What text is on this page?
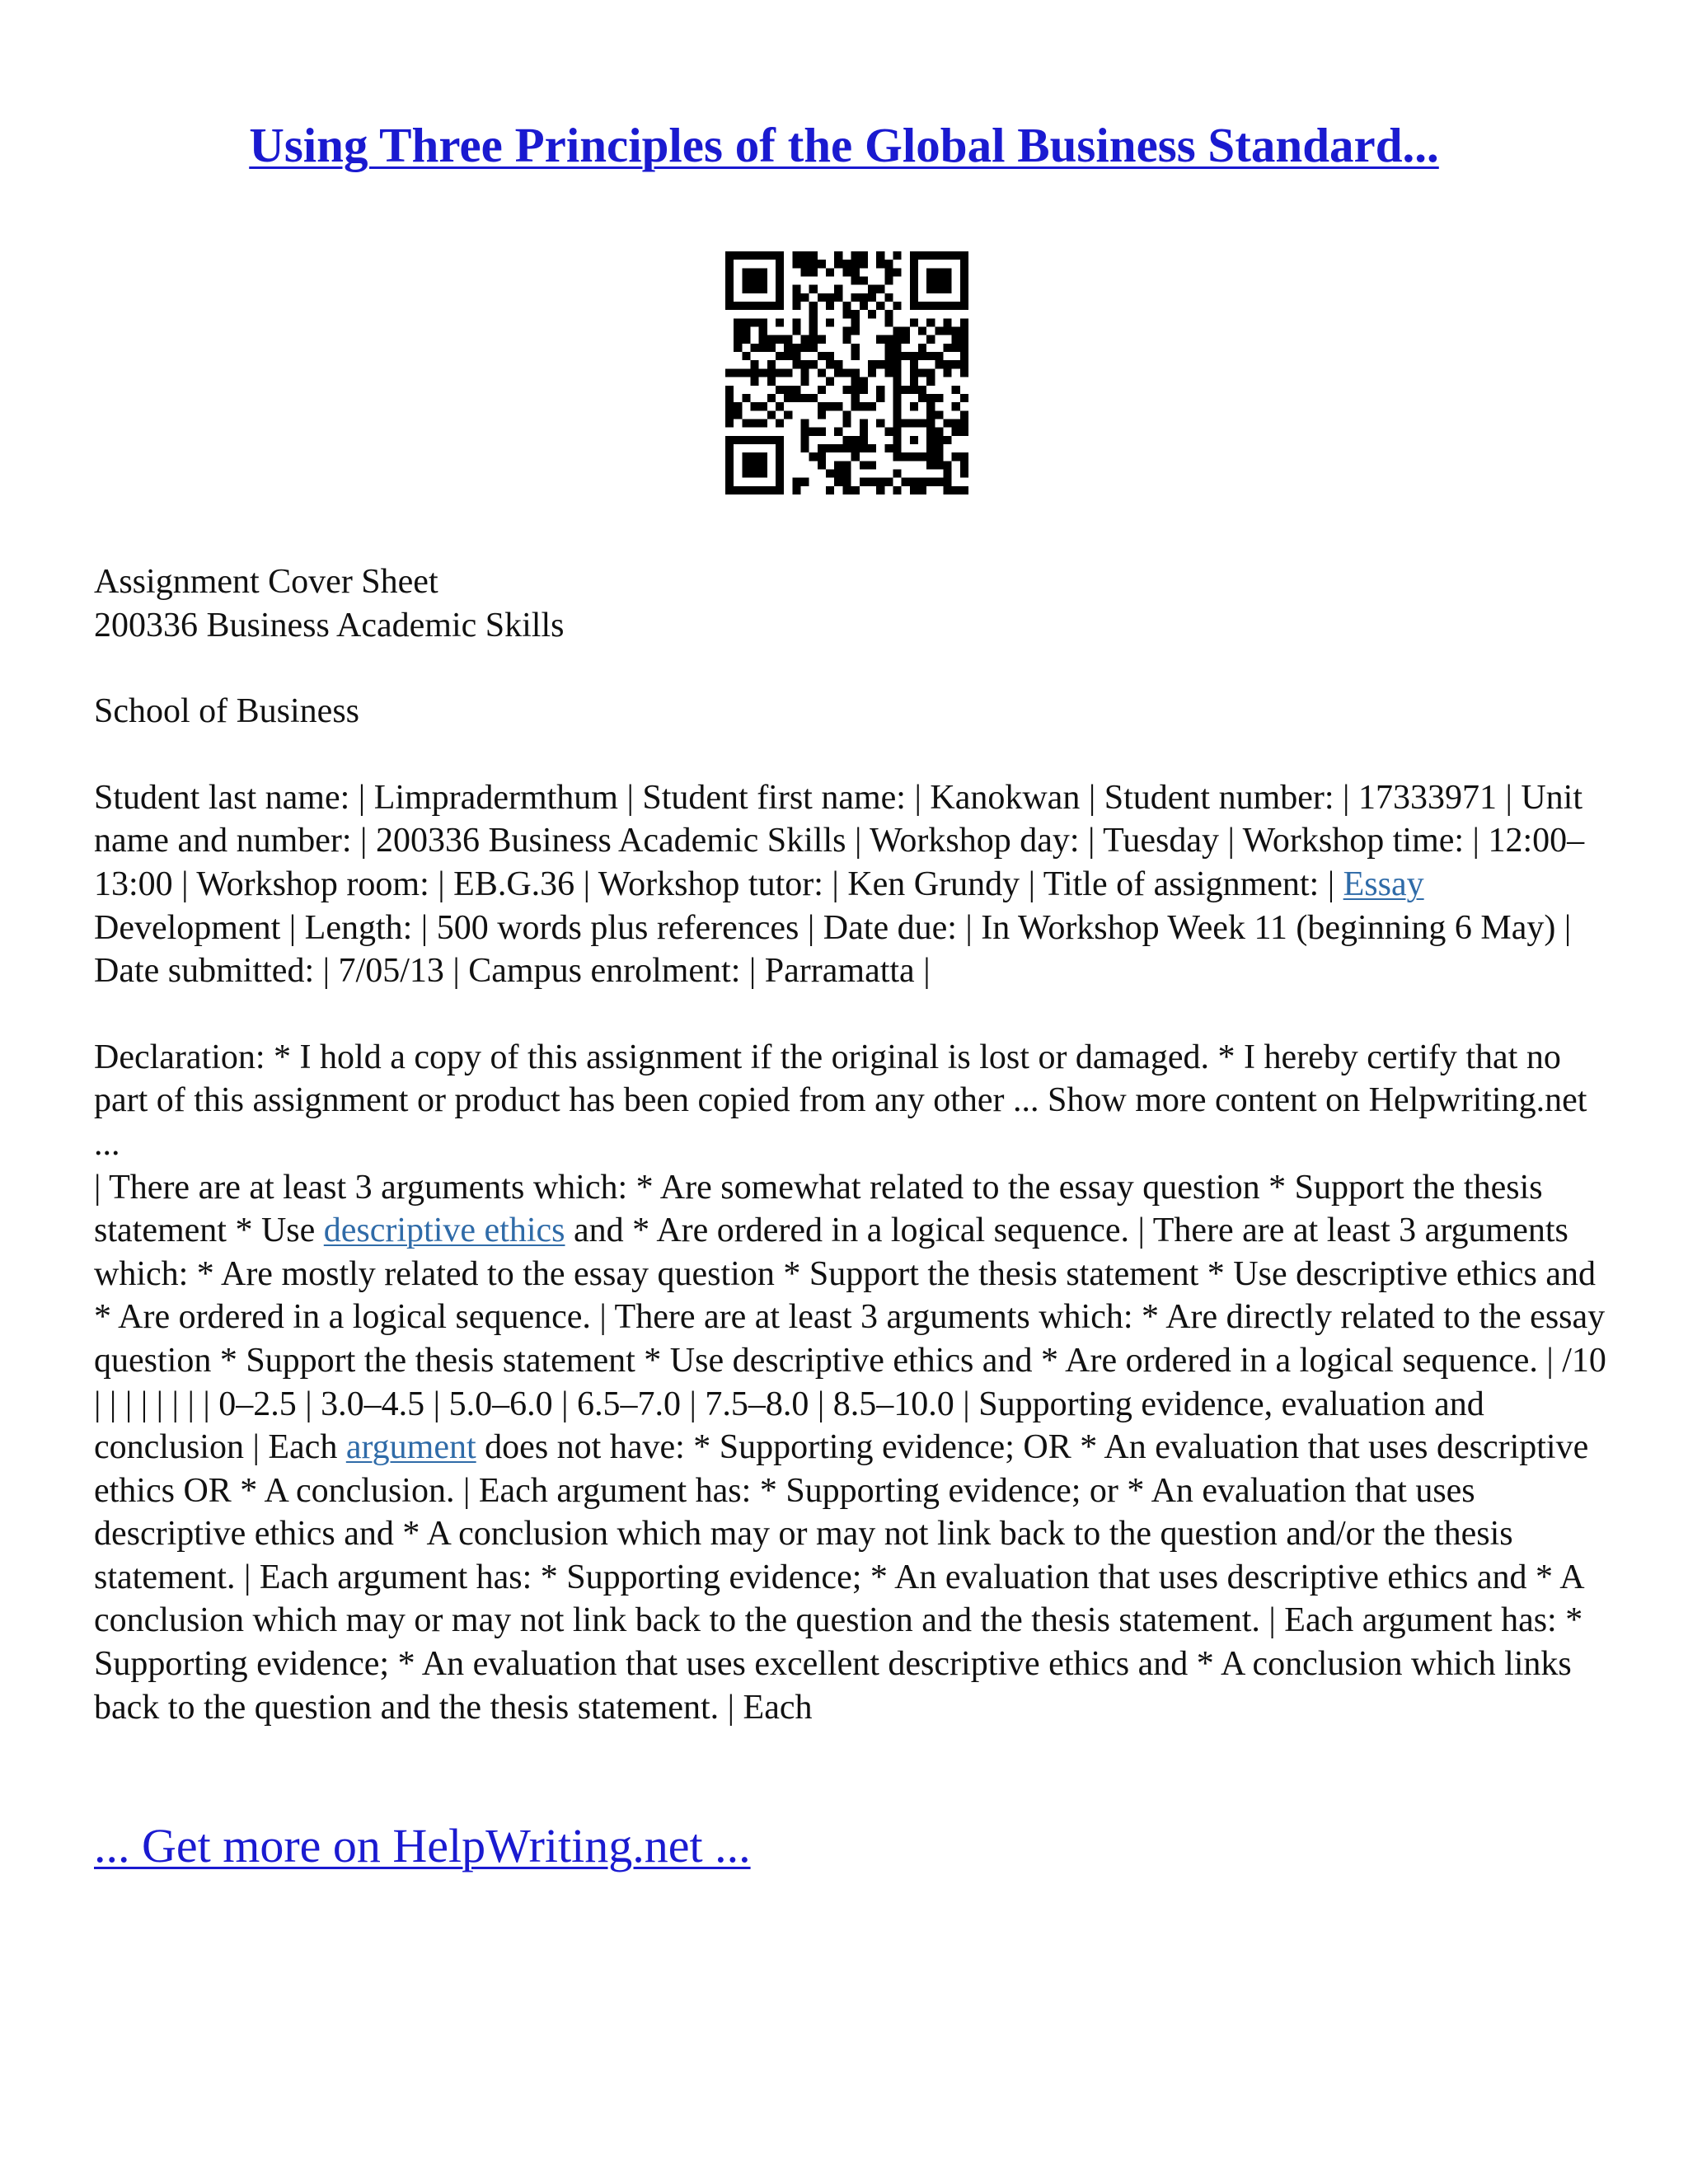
Using Three Principles of the Global Business Standard...

Assignment Cover Sheet

200336 Business Academic Skills

School of Business

Student last name: | Limpradermthum | Student first name: | Kanokwan | Student number: | 17333971 | Unit name and number: | 200336 Business Academic Skills | Workshop day: | Tuesday | Workshop time: | 12:00–13:00 | Workshop room: | EB.G.36 | Workshop tutor: | Ken Grundy | Title of assignment: | Essay Development | Length: | 500 words plus references | Date due: | In Workshop Week 11 (beginning 6 May) | Date submitted: | 7/05/13 | Campus enrolment: | Parramatta |

Declaration: * I hold a copy of this assignment if the original is lost or damaged. * I hereby certify that no part of this assignment or product has been copied from any other ... Show more content on Helpwriting.net ...

| There are at least 3 arguments which: * Are somewhat related to the essay question * Support the thesis statement * Use descriptive ethics and * Are ordered in a logical sequence. | There are at least 3 arguments which: * Are mostly related to the essay question * Support the thesis statement * Use descriptive ethics and * Are ordered in a logical sequence. | There are at least 3 arguments which: * Are directly related to the essay question * Support the thesis statement * Use descriptive ethics and * Are ordered in a logical sequence. | /10 | | | | | | | | 0–2.5 | 3.0–4.5 | 5.0–6.0 | 6.5–7.0 | 7.5–8.0 | 8.5–10.0 | Supporting evidence, evaluation and conclusion | Each argument does not have: * Supporting evidence; OR * An evaluation that uses descriptive ethics OR * A conclusion. | Each argument has: * Supporting evidence; or * An evaluation that uses descriptive ethics and * A conclusion which may or may not link back to the question and/or the thesis statement. | Each argument has: * Supporting evidence; * An evaluation that uses descriptive ethics and * A conclusion which may or may not link back to the question and the thesis statement. | Each argument has: * Supporting evidence; * An evaluation that uses excellent descriptive ethics and * A conclusion which links back to the question and the thesis statement. | Each

... Get more on HelpWriting.net ...
